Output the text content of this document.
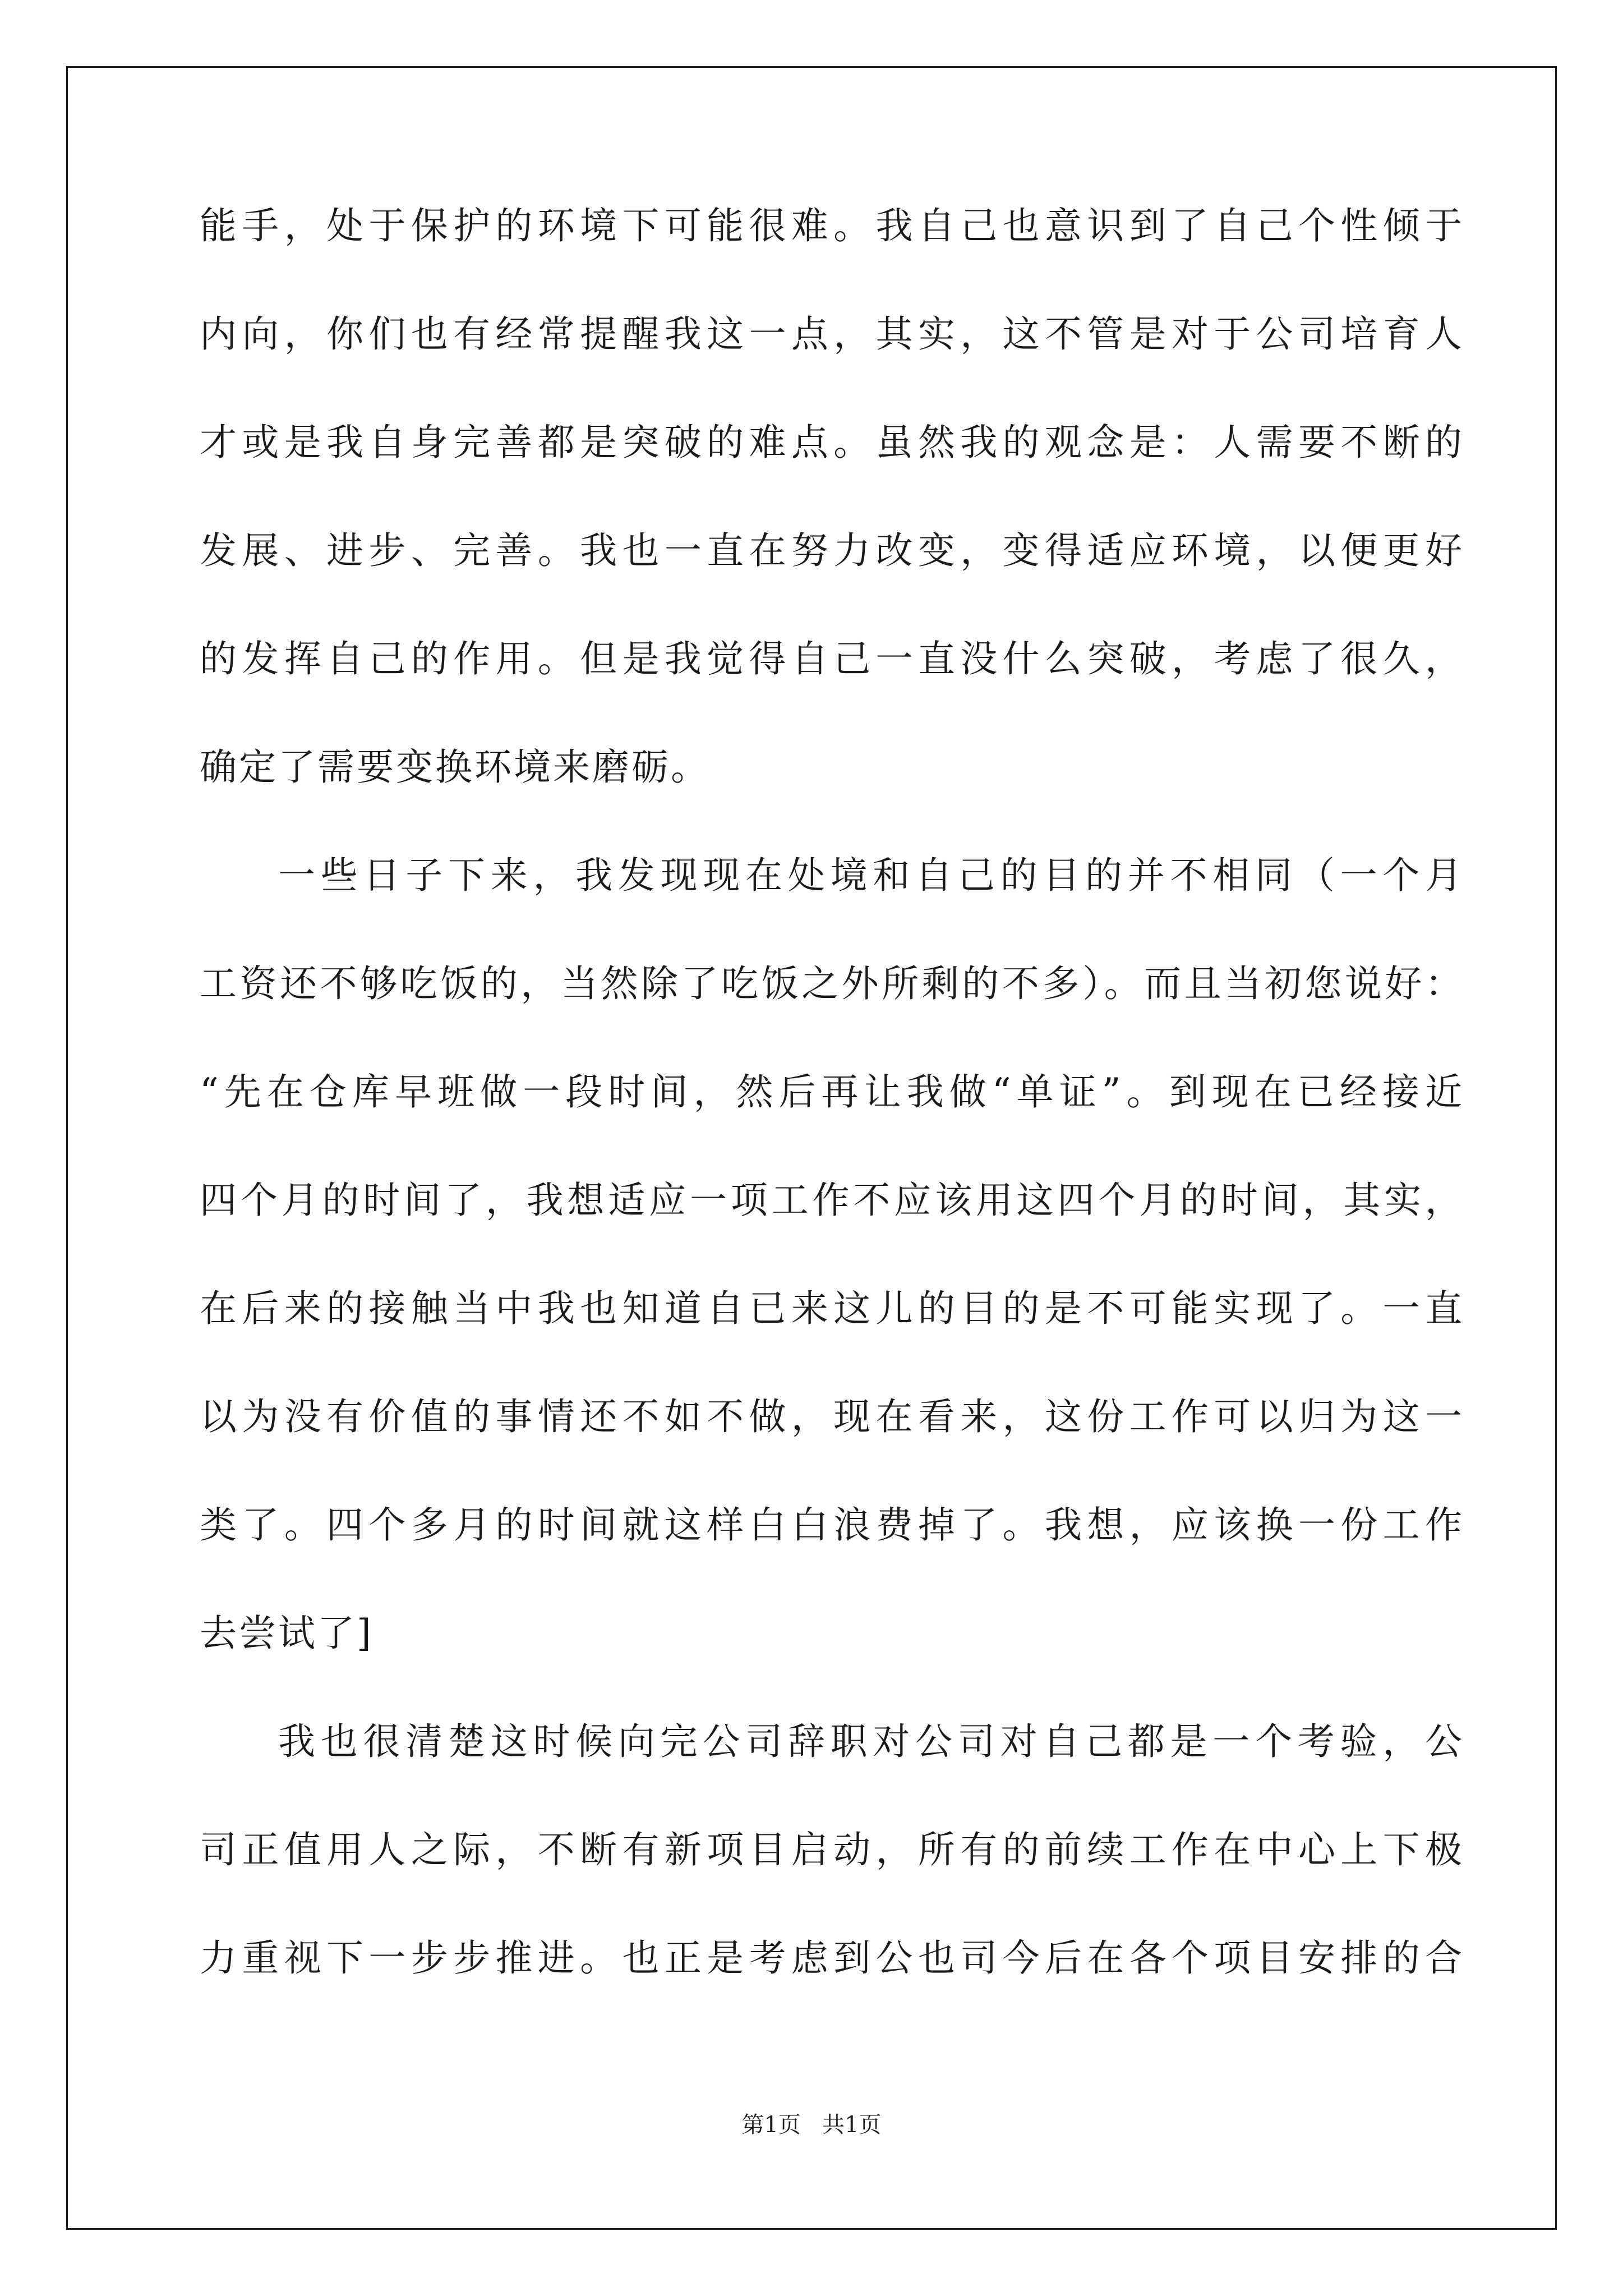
能手，处于保护的环境下可能很难。我自己也意识到了自己个性倾于
内向，你们也有经常提醒我这一点，其实，这不管是对于公司培育人
才或是我自身完善都是突破的难点。虽然我的观念是：人需要不断的
发展、进步、完善。我也一直在努力改变，变得适应环境，以便更好
的发挥自己的作用。但是我觉得自己一直没什么突破，考虑了很久，
确定了需要变换环境来磨砺。
一些日子下来，我发现现在处境和自己的目的并不相同（一个月
工资还不够吃饭的，当然除了吃饭之外所剩的不多）。而且当初您说好：
“先在仓库早班做一段时间，然后再让我做“单证”。到现在已经接近
四个月的时间了，我想适应一项工作不应该用这四个月的时间，其实，
在后来的接触当中我也知道自已来这儿的目的是不可能实现了。一直
以为没有价值的事情还不如不做，现在看来，这份工作可以归为这一
类了。四个多月的时间就这样白白浪费掉了。我想，应该换一份工作
去尝试了]
我也很清楚这时候向完公司辞职对公司对自己都是一个考验，公
司正值用人之际，不断有新项目启动，所有的前续工作在中心上下极
力重视下一步步推进。也正是考虑到公也司今后在各个项目安排的合
第1页   共1页
